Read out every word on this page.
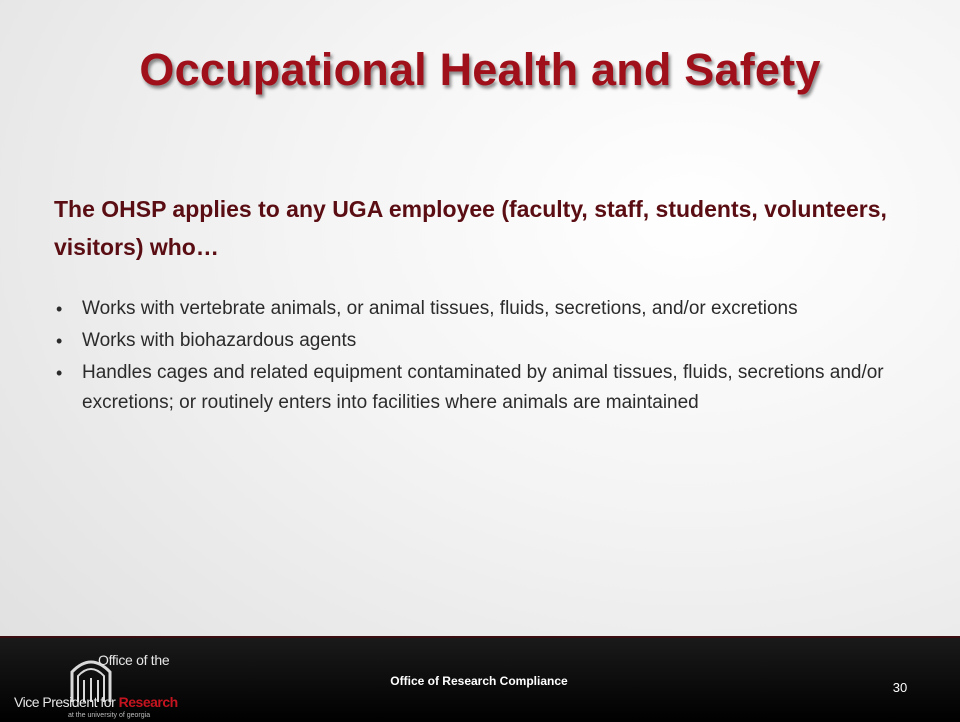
Occupational Health and Safety

The OHSP applies to any UGA employee (faculty, staff, students, volunteers, visitors) who…

• Works with vertebrate animals, or animal tissues, fluids, secretions, and/or excretions
• Works with biohazardous agents
• Handles cages and related equipment contaminated by animal tissues, fluids, secretions and/or excretions; or routinely enters into facilities where animals are maintained
Office of the
Vice President for Research
at the university of georgia
Office of Research Compliance	30
